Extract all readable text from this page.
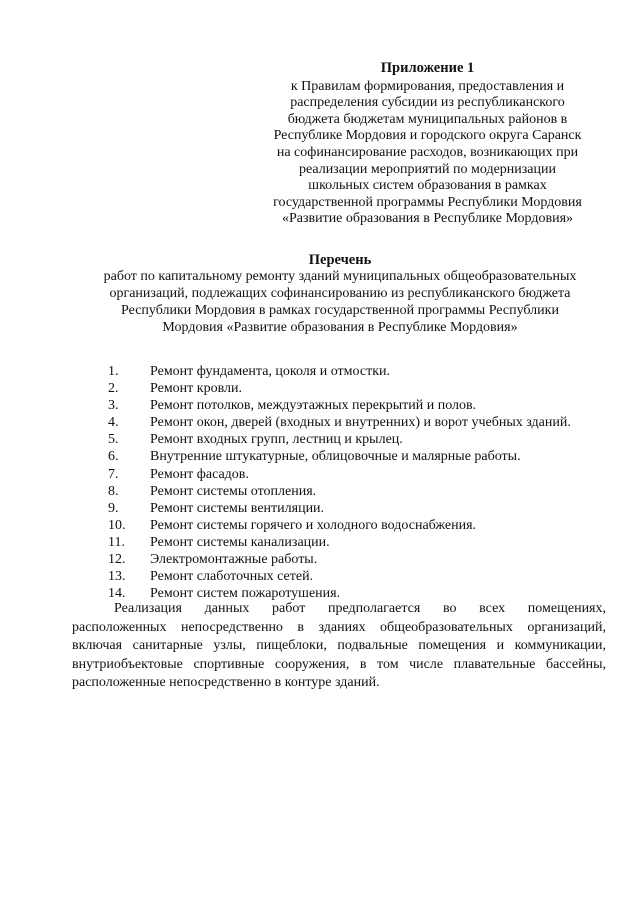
Приложение 1
к Правилам формирования, предоставления и
распределения субсидии из республиканского
бюджета бюджетам муниципальных районов в
Республике Мордовия и городского округа Саранск
на софинансирование расходов, возникающих при
реализации мероприятий по модернизации
школьных систем образования в рамках
государственной программы Республики Мордовия
«Развитие образования в Республике Мордовия»
Перечень
работ по капитальному ремонту зданий муниципальных общеобразовательных
организаций, подлежащих софинансированию из республиканского бюджета
Республики Мордовия в рамках государственной программы Республики
Мордовия «Развитие образования в Республике Мордовия»
1.	Ремонт фундамента, цоколя и отмостки.
2.	Ремонт кровли.
3.	Ремонт потолков, междуэтажных перекрытий и полов.
4.	Ремонт окон, дверей (входных и внутренних) и ворот учебных зданий.
5.	Ремонт входных групп, лестниц и крылец.
6.	Внутренние штукатурные, облицовочные и малярные работы.
7.	Ремонт фасадов.
8.	Ремонт системы отопления.
9.	Ремонт системы вентиляции.
10.	Ремонт системы горячего и холодного водоснабжения.
11.	Ремонт системы канализации.
12.	Электромонтажные работы.
13.	Ремонт слаботочных сетей.
14.	Ремонт систем пожаротушения.
Реализация данных работ предполагается во всех помещениях,
расположенных непосредственно в зданиях общеобразовательных организаций,
включая санитарные узлы, пищеблоки, подвальные помещения и коммуникации,
внутриобъектовые спортивные сооружения, в том числе плавательные бассейны,
расположенные непосредственно в контуре зданий.
